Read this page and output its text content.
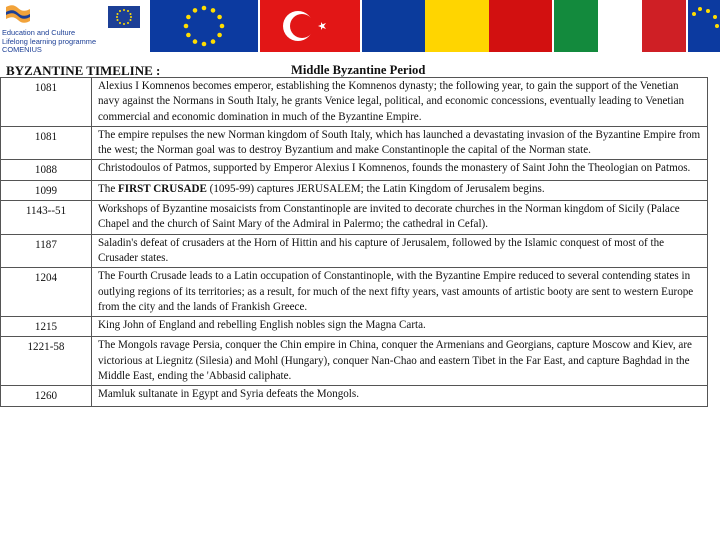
Education and Culture
Lifelong learning programme
COMENIUS
BYZANTINE TIMELINE :	Middle Byzantine Period
1081	Alexius I Komnenos becomes emperor, establishing the Komnenos dynasty; the following year, to gain the support of the Venetian navy against the Normans in South Italy, he grants Venice legal, political, and economic concessions, eventually leading to Venetian commercial and economic domination in much of the Byzantine Empire.
1081	The empire repulses the new Norman kingdom of South Italy, which has launched a devastating invasion of the Byzantine Empire from the west; the Norman goal was to destroy Byzantium and make Constantinople the capital of the Norman state.
1088	Christodoulos of Patmos, supported by Emperor Alexius I Komnenos, founds the monastery of Saint John the Theologian on Patmos.
1099	The FIRST CRUSADE (1095-99) captures JERUSALEM; the Latin Kingdom of Jerusalem begins.
1143--51	Workshops of Byzantine mosaicists from Constantinople are invited to decorate churches in the Norman kingdom of Sicily (Palace Chapel and the church of Saint Mary of the Admiral in Palermo; the cathedral in Cefal).
1187	Saladin's defeat of crusaders at the Horn of Hittin and his capture of Jerusalem, followed by the Islamic conquest of most of the Crusader states.
1204	The Fourth Crusade leads to a Latin occupation of Constantinople, with the Byzantine Empire reduced to several contending states in outlying regions of its territories; as a result, for much of the next fifty years, vast amounts of artistic booty are sent to western Europe from the city and the lands of Frankish Greece.
1215	King John of England and rebelling English nobles sign the Magna Carta.
1221-58	The Mongols ravage Persia, conquer the Chin empire in China, conquer the Armenians and Georgians, capture Moscow and Kiev, are victorious at Liegnitz (Silesia) and Mohl (Hungary), conquer Nan-Chao and eastern Tibet in the Far East, and capture Baghdad in the Middle East, ending the 'Abbasid caliphate.
1260	Mamluk sultanate in Egypt and Syria defeats the Mongols.
